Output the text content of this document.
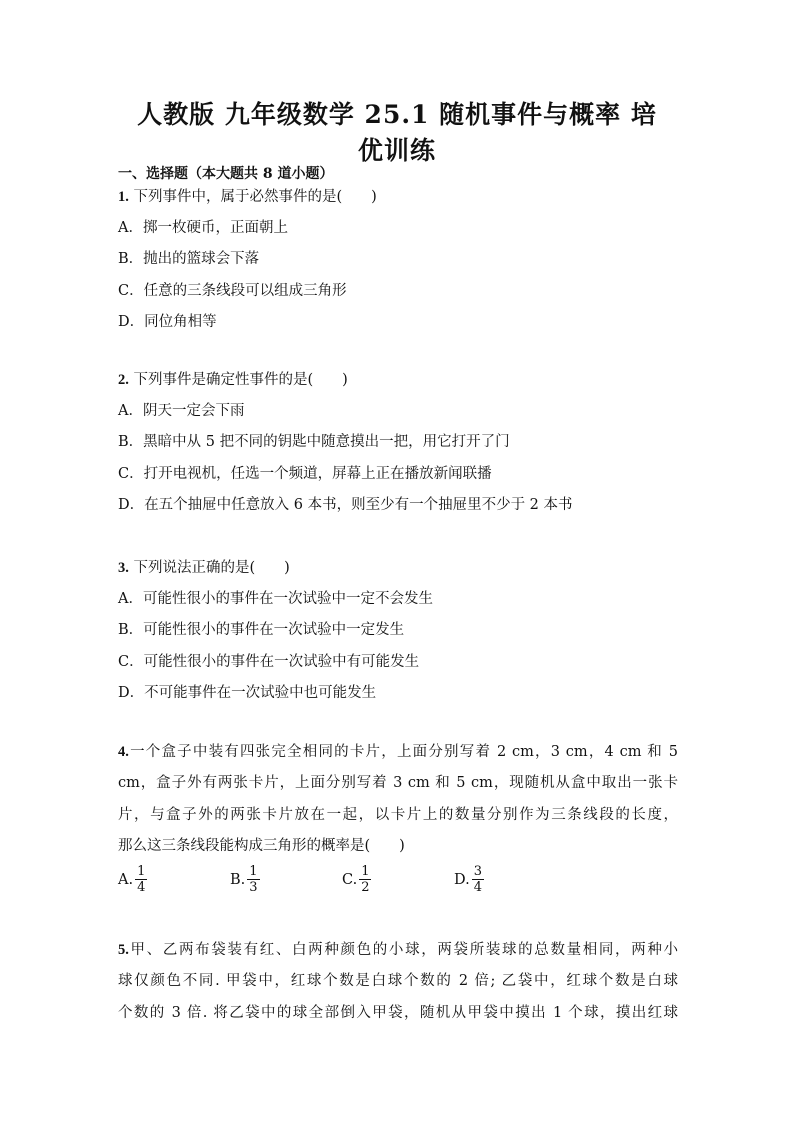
人教版 九年级数学 25.1 随机事件与概率 培
优训练
一、选择题（本大题共 8 道小题）
1. 下列事件中，属于必然事件的是(　　)
A．掷一枚硬币，正面朝上
B．抛出的篮球会下落
C．任意的三条线段可以组成三角形
D．同位角相等
2. 下列事件是确定性事件的是(　　)
A．阴天一定会下雨
B．黑暗中从 5 把不同的钥匙中随意摸出一把，用它打开了门
C．打开电视机，任选一个频道，屏幕上正在播放新闻联播
D．在五个抽屉中任意放入 6 本书，则至少有一个抽屉里不少于 2 本书
3. 下列说法正确的是(　　)
A．可能性很小的事件在一次试验中一定不会发生
B．可能性很小的事件在一次试验中一定发生
C．可能性很小的事件在一次试验中有可能发生
D．不可能事件在一次试验中也可能发生
4.一个盒子中装有四张完全相同的卡片，上面分别写着 2 cm，3 cm，4 cm 和 5
cm，盒子外有两张卡片，上面分别写着 3 cm 和 5 cm，现随机从盒中取出一张卡
片，与盒子外的两张卡片放在一起，以卡片上的数量分别作为三条线段的长度，
那么这三条线段能构成三角形的概率是(　　)
A. $\frac{1}{4}$	B. $\frac{1}{3}$	C. $\frac{1}{2}$	D. $\frac{3}{4}$
5.甲、乙两布袋装有红、白两种颜色的小球，两袋所装球的总数量相同，两种小
球仅颜色不同. 甲袋中，红球个数是白球个数的 2 倍; 乙袋中，红球个数是白球
个数的 3 倍. 将乙袋中的球全部倒入甲袋，随机从甲袋中摸出 1 个球，摸出红球
